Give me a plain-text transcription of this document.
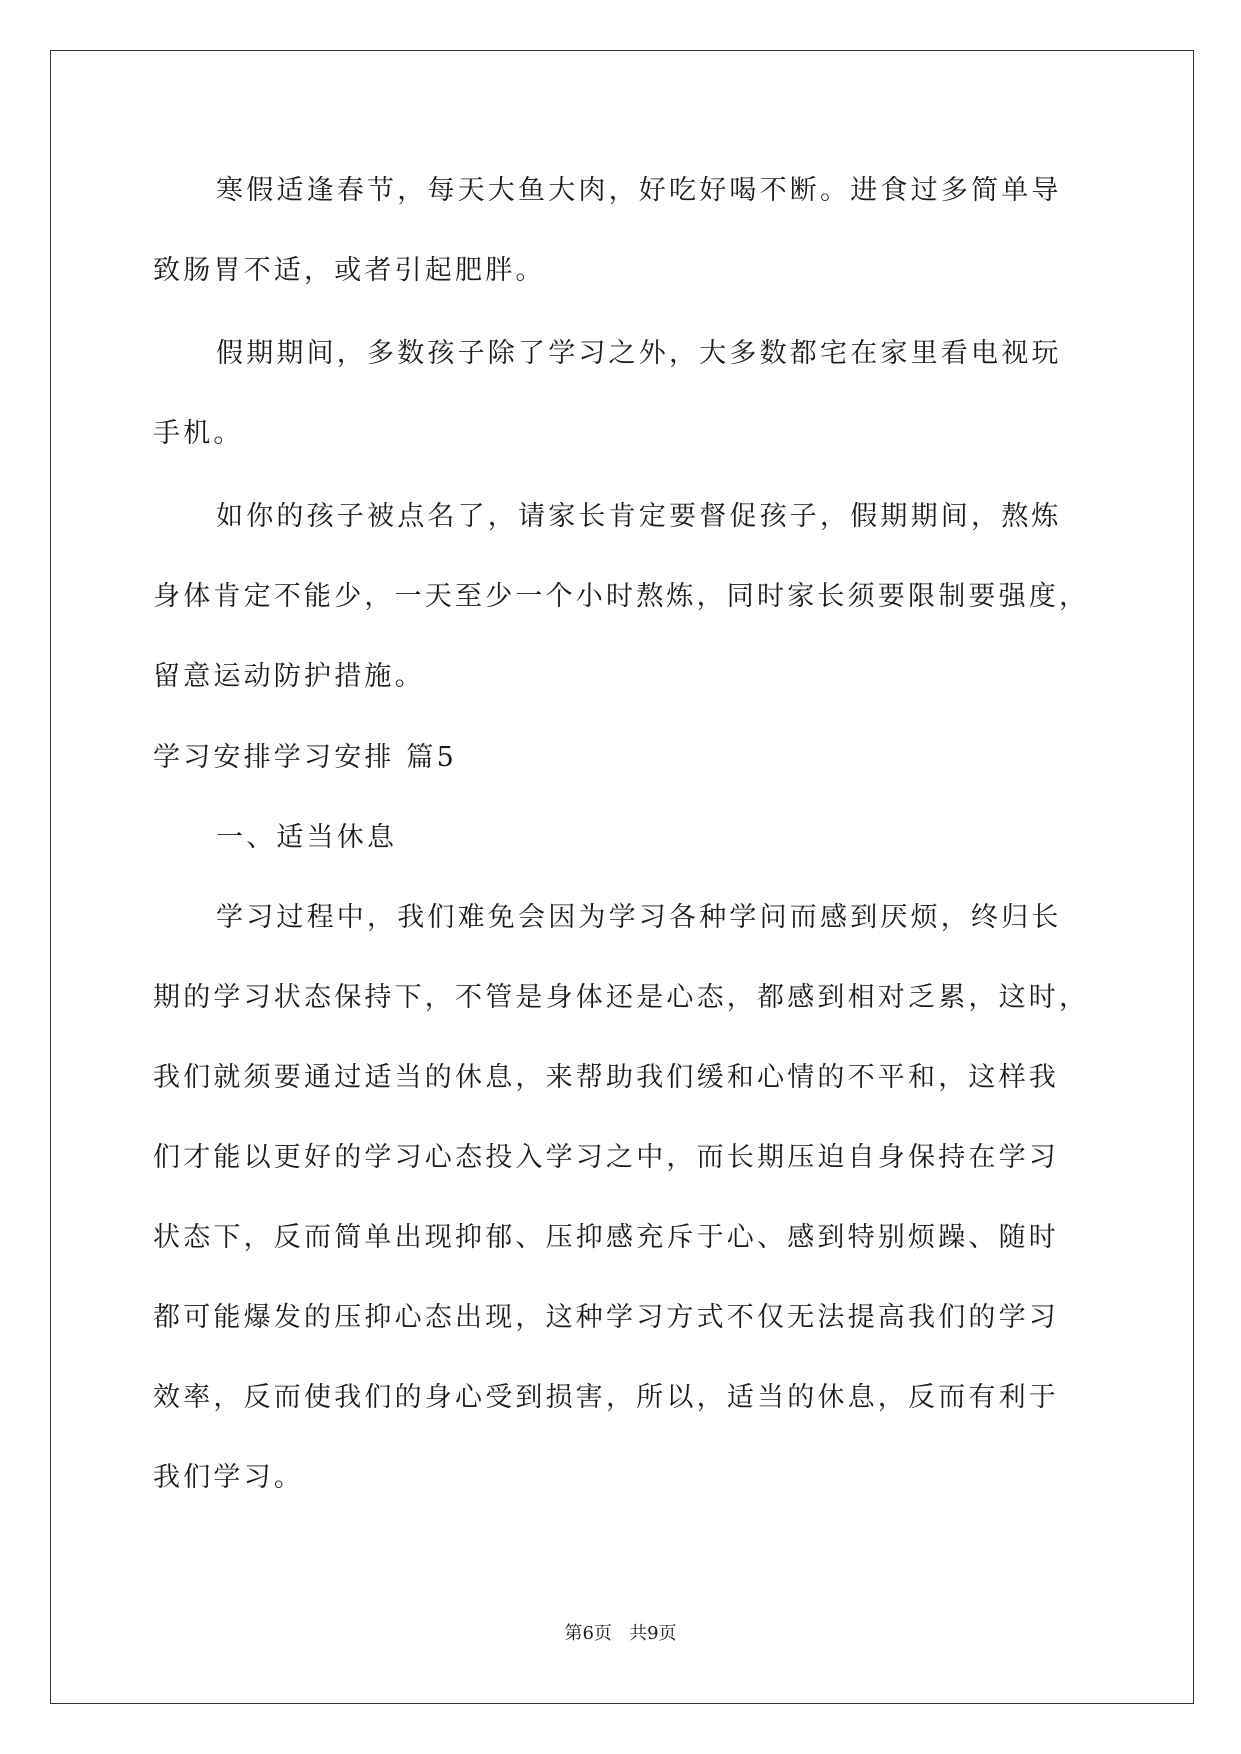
寒假适逢春节，每天大鱼大肉，好吃好喝不断。进食过多简单导
致肠胃不适，或者引起肥胖。
假期期间，多数孩子除了学习之外，大多数都宅在家里看电视玩
手机。
如你的孩子被点名了，请家长肯定要督促孩子，假期期间，熬炼
身体肯定不能少，一天至少一个小时熬炼，同时家长须要限制要强度，
留意运动防护措施。
学习安排学习安排 篇5
一、适当休息
学习过程中，我们难免会因为学习各种学问而感到厌烦，终归长
期的学习状态保持下，不管是身体还是心态，都感到相对乏累，这时，
我们就须要通过适当的休息，来帮助我们缓和心情的不平和，这样我
们才能以更好的学习心态投入学习之中，而长期压迫自身保持在学习
状态下，反而简单出现抑郁、压抑感充斥于心、感到特别烦躁、随时
都可能爆发的压抑心态出现，这种学习方式不仅无法提高我们的学习
效率，反而使我们的身心受到损害，所以，适当的休息，反而有利于
我们学习。
第6页   共9页
